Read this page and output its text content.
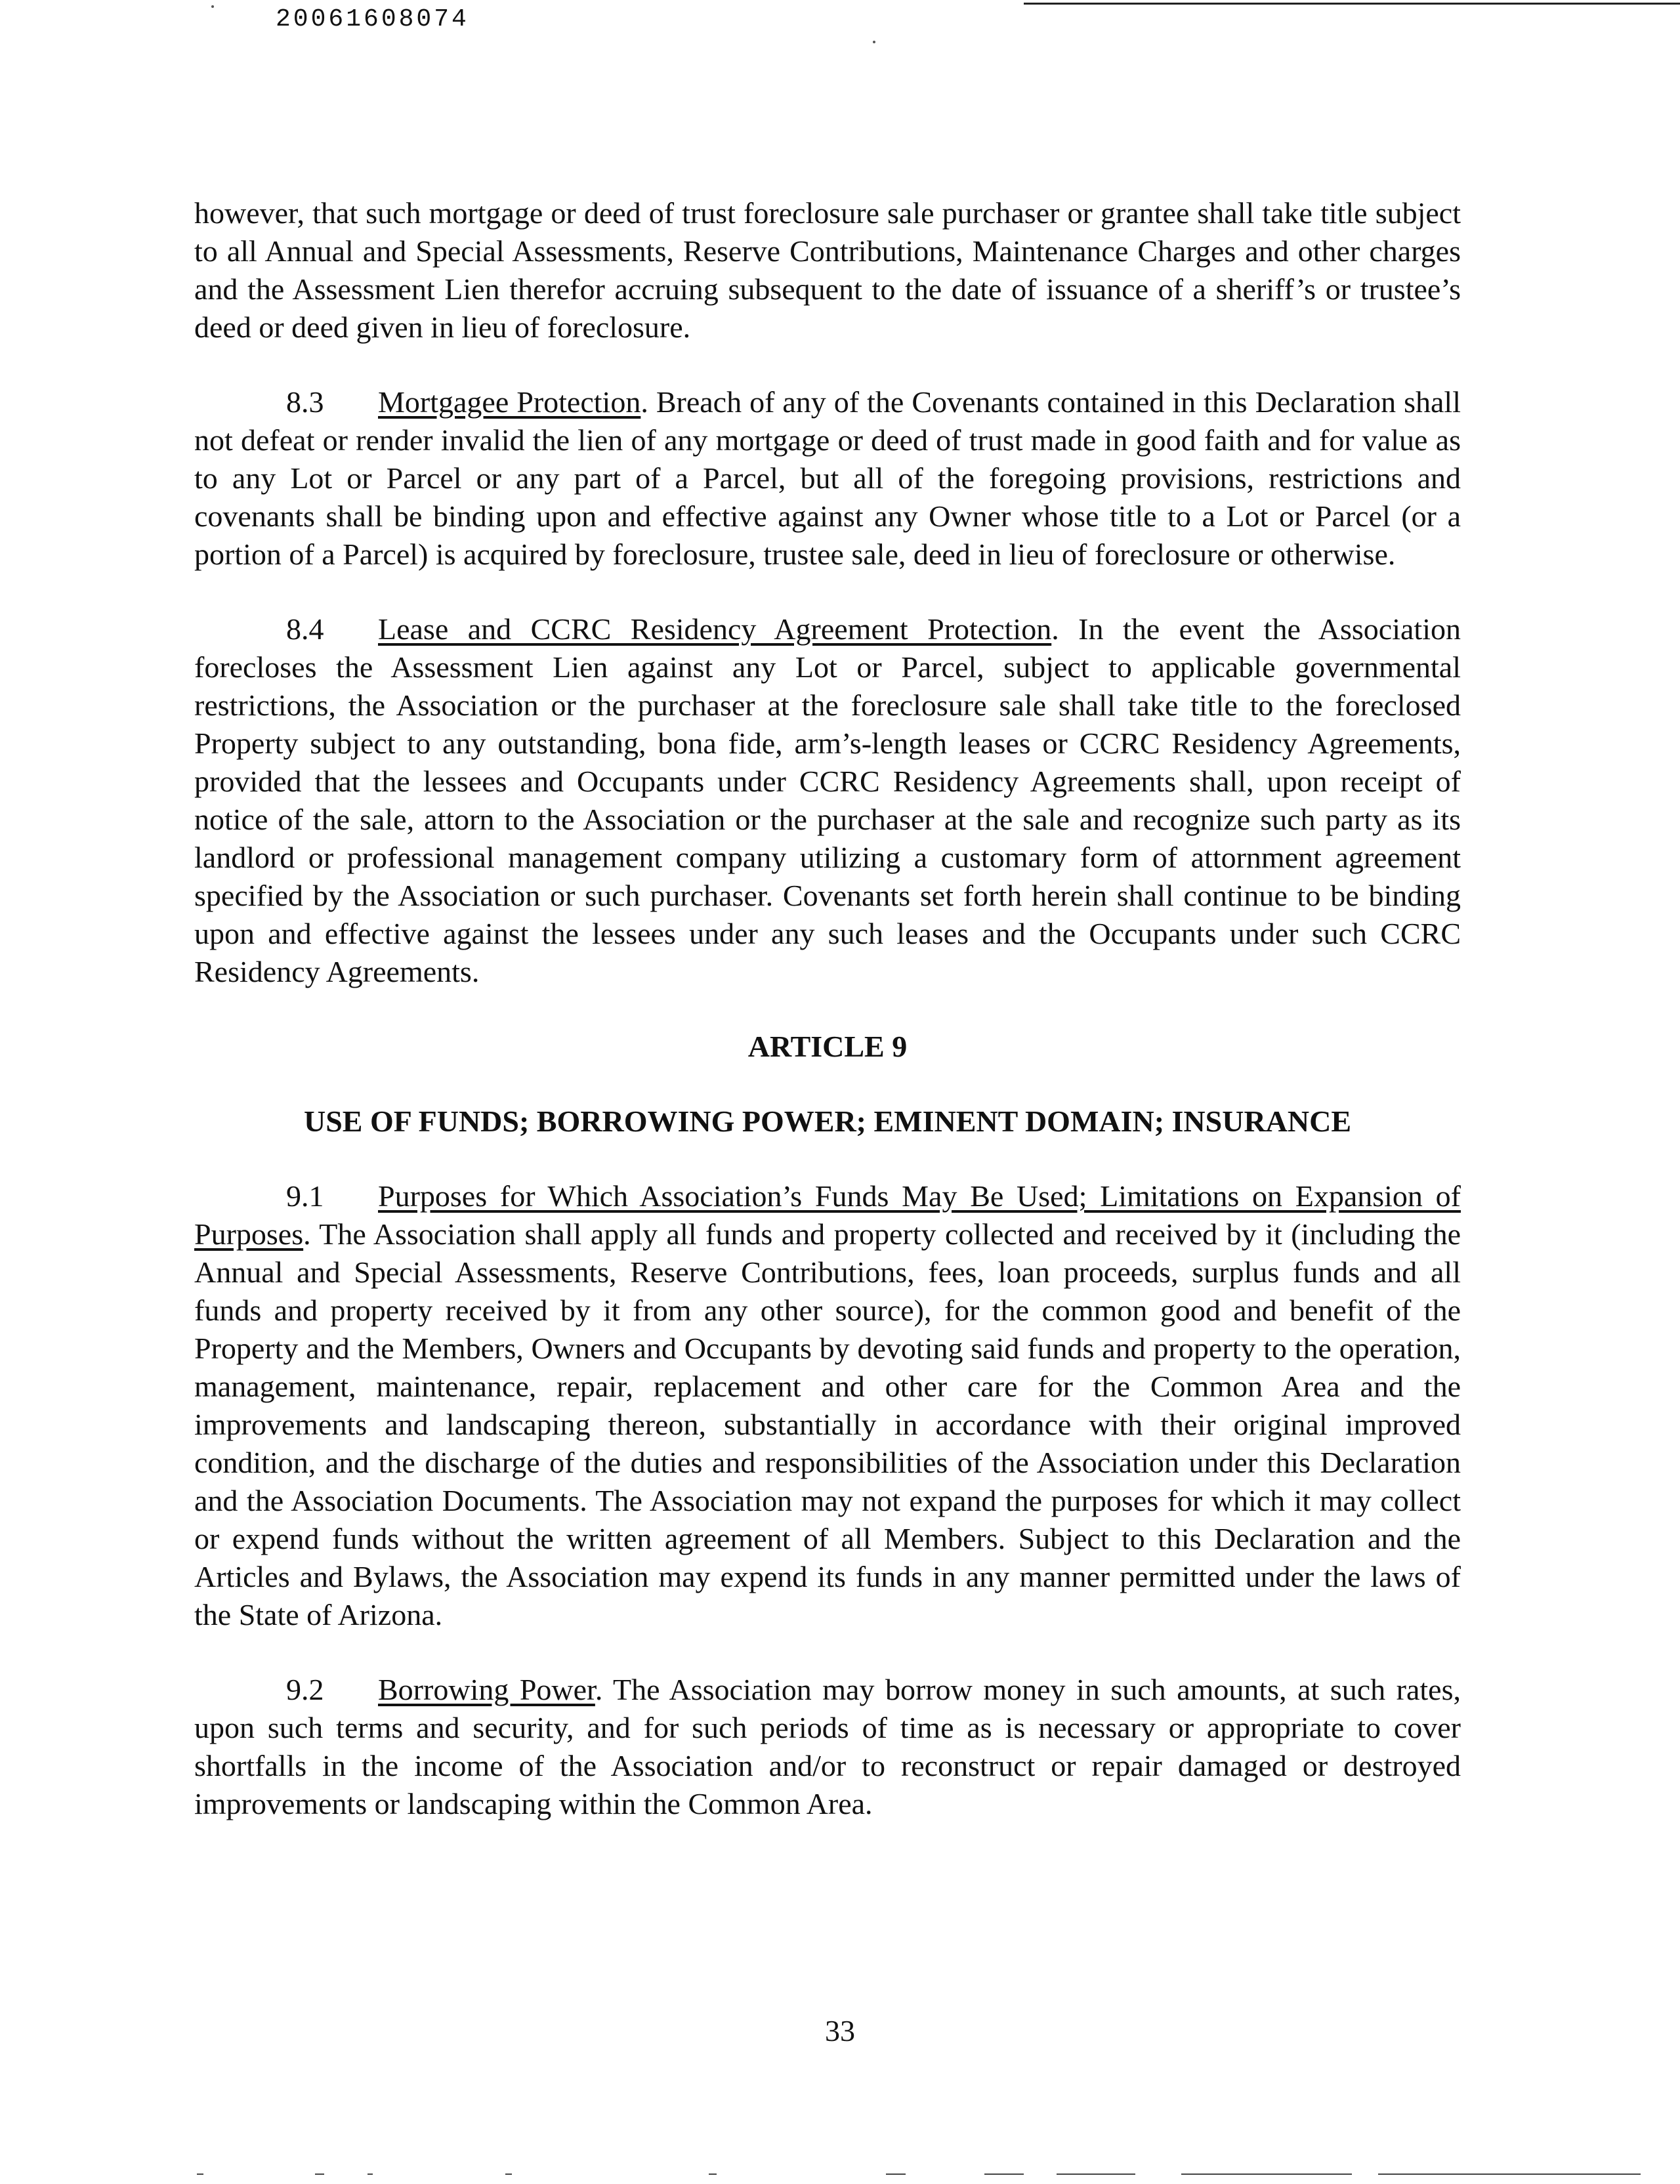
20061608074

however, that such mortgage or deed of trust foreclosure sale purchaser or grantee shall take title subject to all Annual and Special Assessments, Reserve Contributions, Maintenance Charges and other charges and the Assessment Lien therefor accruing subsequent to the date of issuance of a sheriff’s or trustee’s deed or deed given in lieu of foreclosure.

8.3 Mortgagee Protection. Breach of any of the Covenants contained in this Declaration shall not defeat or render invalid the lien of any mortgage or deed of trust made in good faith and for value as to any Lot or Parcel or any part of a Parcel, but all of the foregoing provisions, restrictions and covenants shall be binding upon and effective against any Owner whose title to a Lot or Parcel (or a portion of a Parcel) is acquired by foreclosure, trustee sale, deed in lieu of foreclosure or otherwise.

8.4 Lease and CCRC Residency Agreement Protection. In the event the Association forecloses the Assessment Lien against any Lot or Parcel, subject to applicable governmental restrictions, the Association or the purchaser at the foreclosure sale shall take title to the foreclosed Property subject to any outstanding, bona fide, arm’s-length leases or CCRC Residency Agreements, provided that the lessees and Occupants under CCRC Residency Agreements shall, upon receipt of notice of the sale, attorn to the Association or the purchaser at the sale and recognize such party as its landlord or professional management company utilizing a customary form of attornment agreement specified by the Association or such purchaser. Covenants set forth herein shall continue to be binding upon and effective against the lessees under any such leases and the Occupants under such CCRC Residency Agreements.

ARTICLE 9

USE OF FUNDS; BORROWING POWER; EMINENT DOMAIN; INSURANCE

9.1 Purposes for Which Association’s Funds May Be Used; Limitations on Expansion of Purposes. The Association shall apply all funds and property collected and received by it (including the Annual and Special Assessments, Reserve Contributions, fees, loan proceeds, surplus funds and all funds and property received by it from any other source), for the common good and benefit of the Property and the Members, Owners and Occupants by devoting said funds and property to the operation, management, maintenance, repair, replacement and other care for the Common Area and the improvements and landscaping thereon, substantially in accordance with their original improved condition, and the discharge of the duties and responsibilities of the Association under this Declaration and the Association Documents. The Association may not expand the purposes for which it may collect or expend funds without the written agreement of all Members. Subject to this Declaration and the Articles and Bylaws, the Association may expend its funds in any manner permitted under the laws of the State of Arizona.

9.2 Borrowing Power. The Association may borrow money in such amounts, at such rates, upon such terms and security, and for such periods of time as is necessary or appropriate to cover shortfalls in the income of the Association and/or to reconstruct or repair damaged or destroyed improvements or landscaping within the Common Area.

33
